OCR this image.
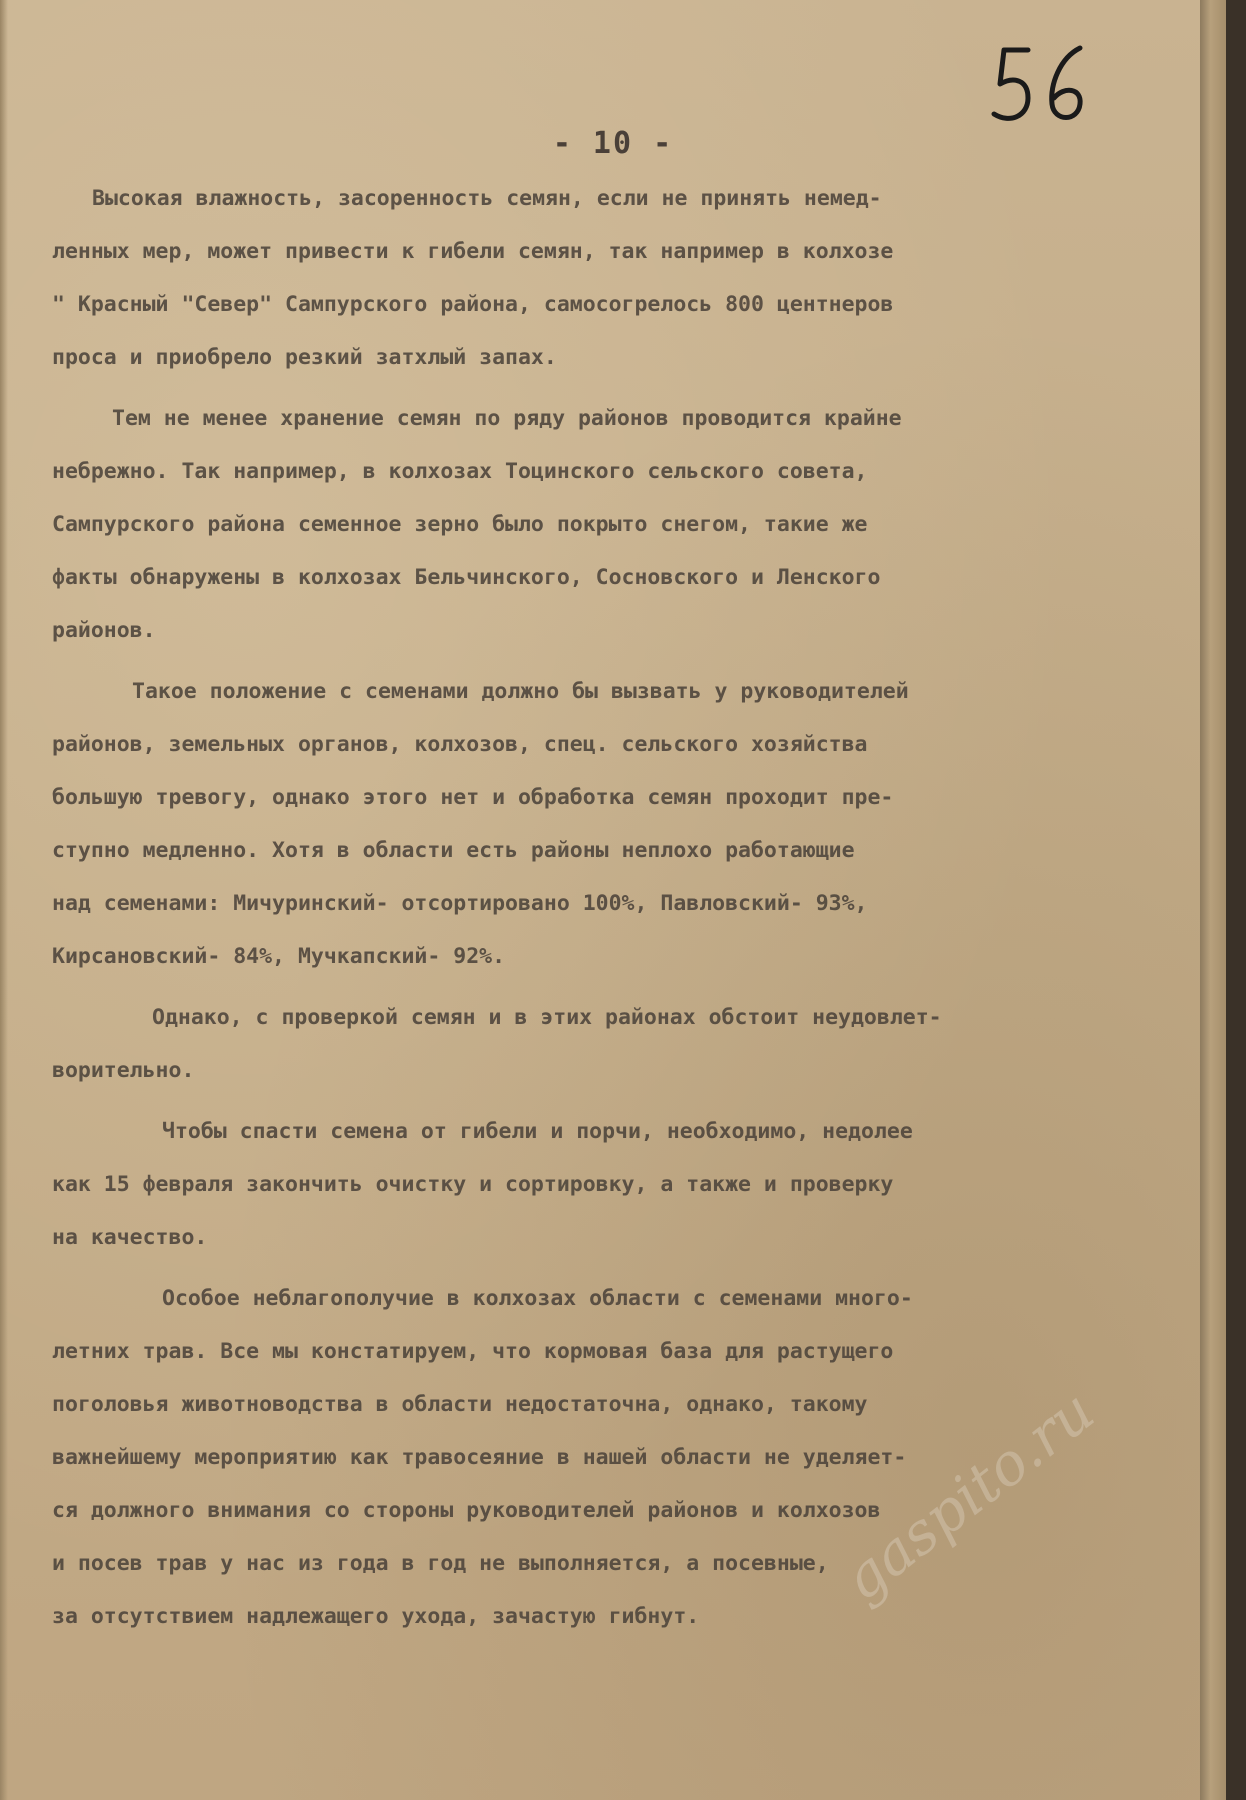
- 10 -
Высокая влажность, засоренность семян, если не принять немед-
ленных мер, может привести к гибели семян, так например в колхозе
" Красный "Север" Сампурского района, самосогрелось 800 центнеров
проса и приобрело резкий затхлый запах.
Тем не менее хранение семян по ряду районов проводится крайне
небрежно. Так например, в колхозах Тоцинского сельского совета,
Сампурского района семенное зерно было покрыто снегом, такие же
факты обнаружены в колхозах Бельчинского, Сосновского и Ленского
районов.
Такое положение с семенами должно бы вызвать у руководителей
районов, земельных органов, колхозов, спец. сельского хозяйства
большую тревогу, однако этого нет и обработка семян проходит пре-
ступно медленно. Хотя в области есть районы неплохо работающие
над семенами: Мичуринский- отсортировано 100%, Павловский- 93%,
Кирсановский- 84%, Мучкапский- 92%.
Однако, с проверкой семян и в этих районах обстоит неудовлет-
ворительно.
Чтобы спасти семена от гибели и порчи, необходимо, недолее
как 15 февраля закончить очистку и сортировку, а также и проверку
на качество.
Особое неблагополучие в колхозах области с семенами много-
летних трав. Все мы констатируем, что кормовая база для растущего
поголовья животноводства в области недостаточна, однако, такому
важнейшему мероприятию как травосеяние в нашей области не уделяет-
ся должного внимания со стороны руководителей районов и колхозов
и посев трав у нас из года в год не выполняется, а посевные,
за отсутствием надлежащего ухода, зачастую гибнут.
gaspito.ru
